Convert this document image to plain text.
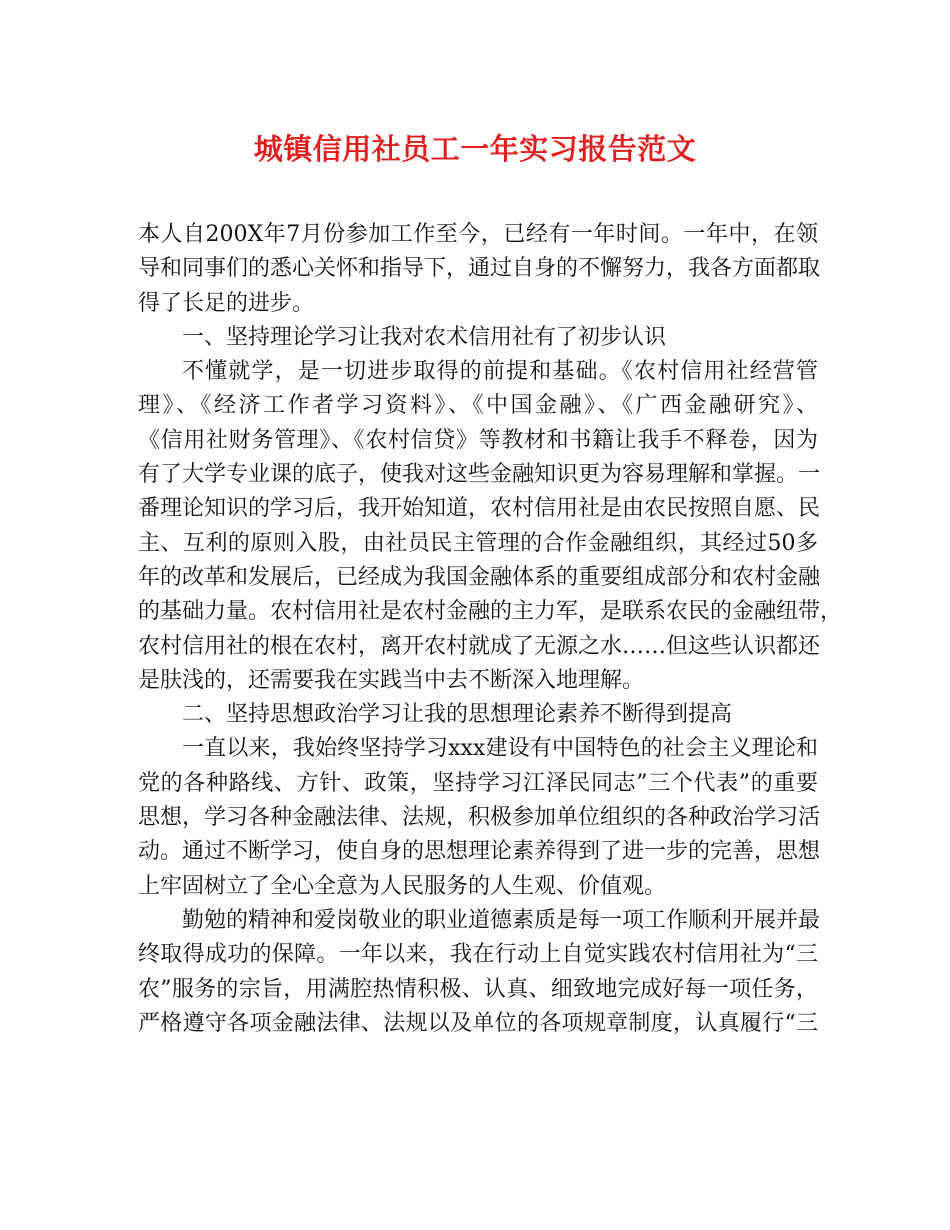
城镇信用社员工一年实习报告范文
本人自200X年7月份参加工作至今，已经有一年时间。一年中，在领
导和同事们的悉心关怀和指导下，通过自身的不懈努力，我各方面都取
得了长足的进步。
一、坚持理论学习让我对农术信用社有了初步认识
不懂就学，是一切进步取得的前提和基础。《农村信用社经营管
理》、《经济工作者学习资料》、《中国金融》、《广西金融研究》、
《信用社财务管理》、《农村信贷》等教材和书籍让我手不释卷，因为
有了大学专业课的底子，使我对这些金融知识更为容易理解和掌握。一
番理论知识的学习后，我开始知道，农村信用社是由农民按照自愿、民
主、互利的原则入股，由社员民主管理的合作金融组织，其经过50多
年的改革和发展后，已经成为我国金融体系的重要组成部分和农村金融
的基础力量。农村信用社是农村金融的主力军，是联系农民的金融纽带，
农村信用社的根在农村，离开农村就成了无源之水……但这些认识都还
是肤浅的，还需要我在实践当中去不断深入地理解。
二、坚持思想政治学习让我的思想理论素养不断得到提高
一直以来，我始终坚持学习xxx建设有中国特色的社会主义理论和
党的各种路线、方针、政策，坚持学习江泽民同志”三个代表”的重要
思想，学习各种金融法律、法规，积极参加单位组织的各种政治学习活
动。通过不断学习，使自身的思想理论素养得到了进一步的完善，思想
上牢固树立了全心全意为人民服务的人生观、价值观。
勤勉的精神和爱岗敬业的职业道德素质是每一项工作顺利开展并最
终取得成功的保障。一年以来，我在行动上自觉实践农村信用社为“三
农”服务的宗旨，用满腔热情积极、认真、细致地完成好每一项任务，
严格遵守各项金融法律、法规以及单位的各项规章制度，认真履行“三
